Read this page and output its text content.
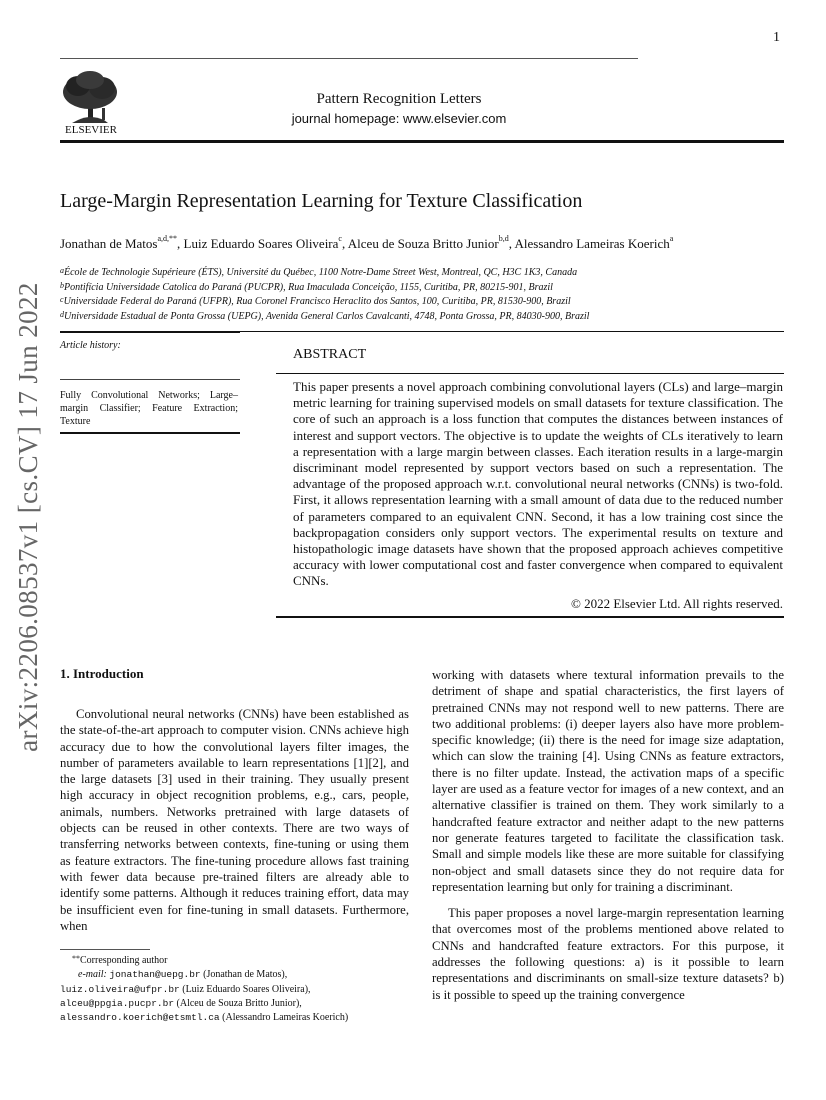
1
ELSEVIER
Pattern Recognition Letters
journal homepage: www.elsevier.com
Large-Margin Representation Learning for Texture Classification
Jonathan de Matos$^{a,d,**}$, Luiz Eduardo Soares Oliveira$^c$, Alceu de Souza Britto Junior$^{b,d}$, Alessandro Lameiras Koerich$^a$
$^a$École de Technologie Supérieure (ÉTS), Université du Québec, 1100 Notre-Dame Street West, Montreal, QC, H3C 1K3, Canada
$^b$Pontifícia Universidade Catolica do Paraná (PUCPR), Rua Imaculada Conceição, 1155, Curitiba, PR, 80215-901, Brazil
$^c$Universidade Federal do Paraná (UFPR), Rua Coronel Francisco Heraclito dos Santos, 100, Curitiba, PR, 81530-900, Brazil
$^d$Universidade Estadual de Ponta Grossa (UEPG), Avenida General Carlos Cavalcanti, 4748, Ponta Grossa, PR, 84030-900, Brazil
Article history:
Fully Convolutional Networks; Large–margin Classifier; Feature Extraction; Texture
ABSTRACT
This paper presents a novel approach combining convolutional layers (CLs) and large–margin metric learning for training supervised models on small datasets for texture classification. The core of such an approach is a loss function that computes the distances between instances of interest and support vectors. The objective is to update the weights of CLs iteratively to learn a representation with a large margin between classes. Each iteration results in a large-margin discriminant model represented by support vectors based on such a representation. The advantage of the proposed approach w.r.t. convolutional neural networks (CNNs) is two-fold. First, it allows representation learning with a small amount of data due to the reduced number of parameters compared to an equivalent CNN. Second, it has a low training cost since the backpropagation considers only support vectors. The experimental results on texture and histopathologic image datasets have shown that the proposed approach achieves competitive accuracy with lower computational cost and faster convergence when compared to equivalent CNNs.
© 2022 Elsevier Ltd. All rights reserved.
arXiv:2206.08537v1 [cs.CV] 17 Jun 2022	1. Introduction

Convolutional neural networks (CNNs) have been established as the state-of-the-art approach to computer vision. CNNs achieve high accuracy due to how the convolutional layers filter images, the number of parameters available to learn representations [1][2], and the large datasets [3] used in their training. They usually present high accuracy in object recognition problems, e.g., cars, people, animals, numbers. Networks pretrained with large datasets of objects can be reused in other contexts. There are two ways of transferring networks between contexts, fine-tuning or using them as feature extractors. The fine-tuning procedure allows fast training with fewer data because pre-trained filters are already able to identify some patterns. Although it reduces training effort, data may be insufficient even for fine-tuning in small datasets. Furthermore, when

working with datasets where textural information prevails to the detriment of shape and spatial characteristics, the first layers of pretrained CNNs may not respond well to new patterns. There are two additional problems: (i) deeper layers also have more problem-specific knowledge; (ii) there is the need for image size adaptation, which can slow the training [4]. Using CNNs as feature extractors, there is no filter update. Instead, the activation maps of a specific layer are used as a feature vector for images of a new context, and an alternative classifier is trained on them. They work similarly to a handcrafted feature extractor and neither adapt to the new patterns nor generate features targeted to facilitate the classification task. Small and simple models like these are more suitable for classifying non-object and small datasets since they do not require data for representation learning but only for training a discriminant.

This paper proposes a novel large-margin representation learning that overcomes most of the problems mentioned above related to CNNs and handcrafted feature extractors. For this purpose, it addresses the following questions: a) is it possible to learn representations and discriminants on small-size texture datasets? b) is it possible to speed up the training convergence

**Corresponding author
e-mail: jonathan@uepg.br (Jonathan de Matos),
luiz.oliveira@ufpr.br (Luiz Eduardo Soares Oliveira),
alceu@ppgia.pucpr.br (Alceu de Souza Britto Junior),
alessandro.koerich@etsmtl.ca (Alessandro Lameiras Koerich)
